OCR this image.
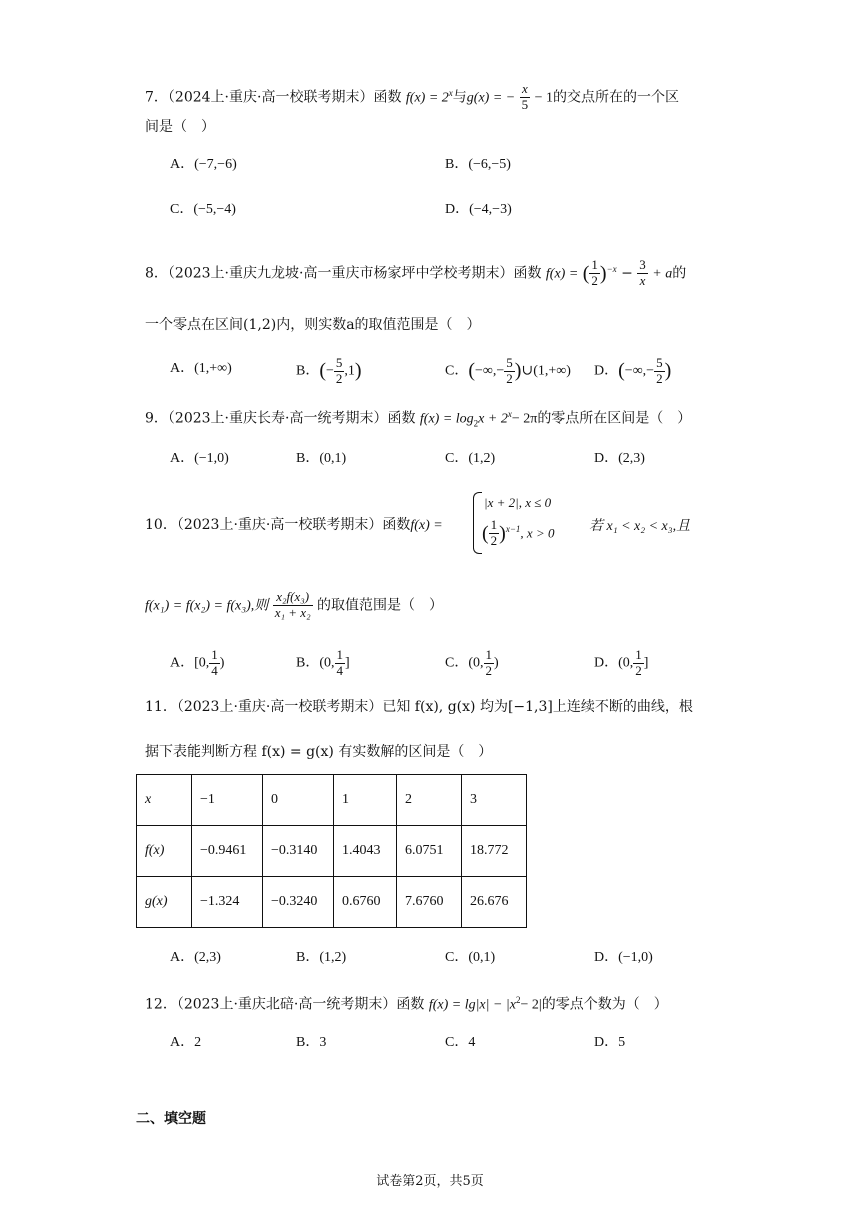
7．（2024上·重庆·高一校联考期末）函数 $f(x) = 2^x$与g(x) = − $\frac{x}{5} - 1$的交点所在的一个区
间是（　）
A．(−7,−6)	B．(−6,−5)
C．(−5,−4)	D．(−4,−3)
8．（2023上·重庆九龙坡·高一重庆市杨家坪中学校考期末）函数 f(x) = ( $\frac{1}{2} )^{-x} - \frac{3}{x} + a$的
一个零点在区间(1,2)内，则实数a的取值范围是（　）
A．(1,+∞)	B．(− $\frac{5}{2} ,1$)	C．(−∞,− $\frac{5}{2}$ )∪(1,+∞) D．(−∞,− $\frac{5}{2}$ )
9．（2023上·重庆长寿·高一统考期末）函数 $f(x) = \log_2x + 2^x- 2\pi$的零点所在区间是（　）
A．(−1,0)	B．(0,1)	C．(1,2)	D．(2,3)
10．（2023上·重庆·高一校联考期末）函数f(x) =
|x + 2|, x ≤ 0
( $\frac{1}{2} )^{x-1}$, x > 0 若 x₁ < x₂ < x₃,且
f(x₁) = f(x₂) = f(x₃),则 $\frac{\text{x₂f(x₃)}}{\text{x₁ + x₂}}$ 的取值范围是（　）
A．[0, $\frac{1}{4}$ )	B．(0, $\frac{1}{4}$ ]	C．(0, $\frac{1}{2}$ )	D．(0, $\frac{1}{2}$ ]
11．（2023上·重庆·高一校联考期末）已知 f(x), g(x) 均为[−1,3]上连续不断的曲线，根
据下表能判断方程 f(x) = g(x) 有实数解的区间是（　）
x	−1	0	1	2	3
f(x)	−0.9461	−0.3140	1.4043	6.0751	18.772
g(x)	−1.324	−0.3240	0.6760	7.6760	26.676
A．(2,3)	B．(1,2)	C．(0,1)	D．(−1,0)
12．（2023上·重庆北碚·高一统考期末）函数 $f(x) = \lg|x| - |x^2- 2|$的零点个数为（　）
A．2	B．3	C．4	D．5
二、填空题
试卷第2页，共5页
